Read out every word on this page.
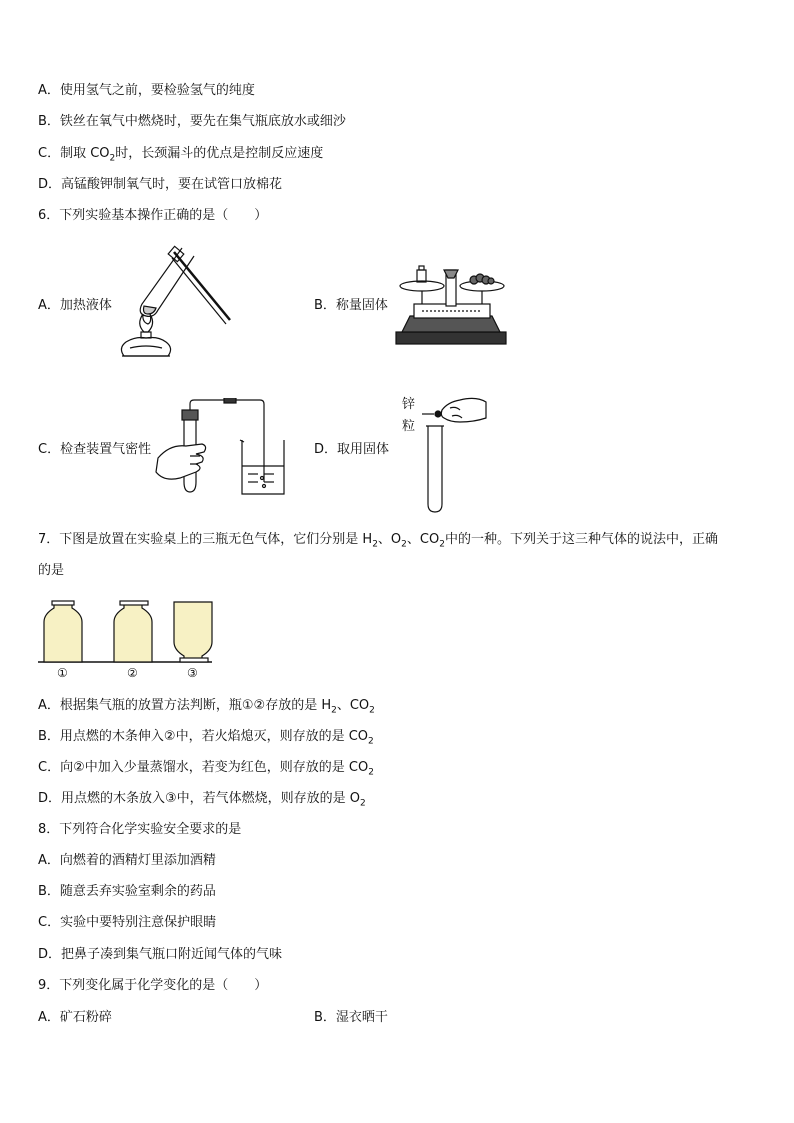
A．使用氢气之前，要检验氢气的纯度
B．铁丝在氧气中燃烧时，要先在集气瓶底放水或细沙
C．制取 $CO_2$时，长颈漏斗的优点是控制反应速度
D．高锰酸钾制氧气时，要在试管口放棉花
6．下列实验基本操作正确的是（　　）
A．加热液体	B．称量固体
C．检查装置气密性	D．取用固体
锌
粒
7．下图是放置在实验桌上的三瓶无色气体，它们分别是 $H_2$、$O_2$、$CO_2$中的一种。下列关于这三种气体的说法中，正确
的是
①	②	③
A．根据集气瓶的放置方法判断，瓶①②存放的是 $H_2$、$CO_2$
B．用点燃的木条伸入②中，若火焰熄灭，则存放的是 $CO_2$
C．向②中加入少量蒸馏水，若变为红色，则存放的是 $CO_2$
D．用点燃的木条放入③中，若气体燃烧，则存放的是 $O_2$
8．下列符合化学实验安全要求的是
A．向燃着的酒精灯里添加酒精
B．随意丢弃实验室剩余的药品
C．实验中要特别注意保护眼睛
D．把鼻子凑到集气瓶口附近闻气体的气味
9．下列变化属于化学变化的是（　　）
A．矿石粉碎	B．湿衣晒干
